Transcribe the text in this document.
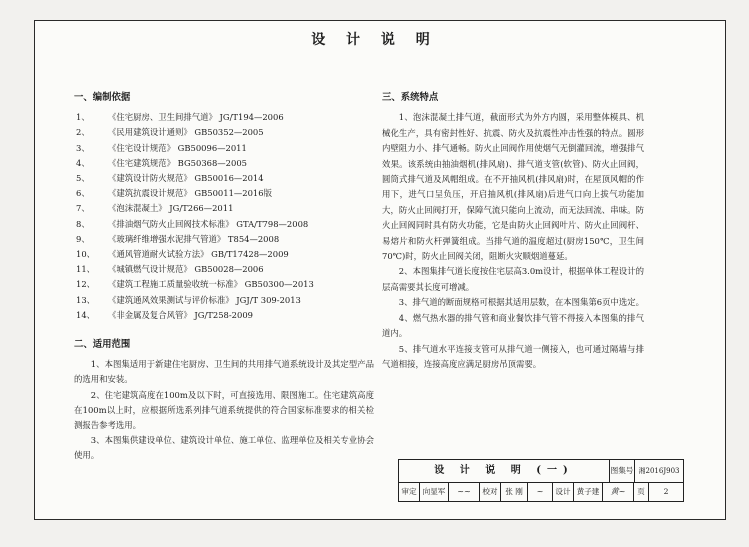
设 计 说 明
一、编制依据
1、 《住宅厨房、卫生间排气道》 JG/T194—2006
2、 《民用建筑设计通则》 GB50352—2005
3、 《住宅设计规范》 GB50096—2011
4、 《住宅建筑规范》 BG50368—2005
5、 《建筑设计防火规范》 GB50016—2014
6、 《建筑抗震设计规范》 GB50011—2016版
7、 《泡沫混凝土》 JG/T266—2011
8、 《排油烟气防火止回阀技术标准》 GTA/T798—2008
9、 《玻璃纤维增强水泥排气管道》 T854—2008
10、 《通风管道耐火试验方法》 GB/T17428—2009
11、 《城镇燃气设计规范》 GB50028—2006
12、 《建筑工程施工质量验收统一标准》 GB50300—2013
13、 《建筑通风效果测试与评价标准》 JGJ/T 309-2013
14、 《非金属及复合风管》 JG/T258-2009
二、适用范围

1、本图集适用于新建住宅厨房、卫生间的共用排气道系统设计及其定型产品的选用和安装。

2、住宅建筑高度在100m及以下时，可直接选用、限图施工。住宅建筑高度在100m以上时，应根据所选系列排气道系统提供的符合国家标准要求的相关检测报告参考选用。

3、本图集供建设单位、建筑设计单位、施工单位、监理单位及相关专业协会使用。

三、系统特点

1、泡沫混凝土排气道，截面形式为外方内圆，采用整体模具、机械化生产，具有密封性好、抗震、防火及抗震性冲击性强的特点。圆形内壁阻力小、排气通畅。防火止回阀作用使烟气无倒灌回流，增强排气效果。该系统由抽油烟机(排风扇)、排气道支管(软管)、防火止回阀，圆筒式排气道及风帽组成。在不开抽风机(排风扇)时，在屋顶风帽的作用下，进气口呈负压，开启抽风机(排风扇)后进气口向上拔气功能加大，防火止回阀打开，保障气流只能向上流动，而无法回流、串味。防火止回阀同时具有防火功能，它是由防火止回阀叶片、防火止回阀杆、易熔片和防火杆弹簧组成。当排气道的温度超过(厨房150℃，卫生间70℃)时，防火止回阀关闭，阻断火灾顺烟道蔓延。

2、本图集排气道长度按住宅层高3.0m设计，根据单体工程设计的层高需要其长度可增减。

3、排气道的断面规格可根据其适用层数，在本图集第6页中选定。

4、燃气热水器的排气管和商业餐饮排气管不得接入本图集的排气道内。

5、排气道水平连接支管可从排气道一侧接入，也可通过隔墙与排气道相接，连接高度应满足厨房吊顶需要。

设 计 说 明 (一)	图集号 湘2016J903
审定 向显军	~~	校对 张 刚	~	设计 黄子建	黄~	页	2
